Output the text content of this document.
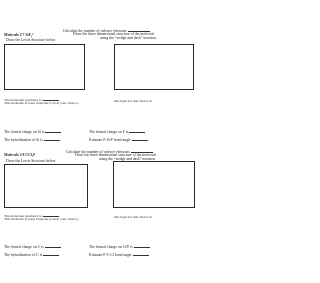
Molecule # 7 SiF₄²⁻
Draw the Lewis Structure below
Calculate the number of valence electrons
Draw the three-dimensional structure of the molecule
using the “wedge and dash” notation.
The molecular geometry is:
This molecule is polar nonpolar (Circle your choice.)	Our logic for this choice is:
The formal charge on Si is	The formal charge on F is
The hybridization of Si is	Estimate F-Si-F bond angle
Molecule # 8 CCl₃F
Draw the Lewis Structure below
Calculate the number of valence electrons
Draw the three-dimensional structure of the molecule
using the “wedge and dash” notation.
The molecular geometry is:
This molecule is polar nonpolar (Circle your choice.)	Our logic for this choice is:
The formal charge on C is	The formal charge on Cl/F is
The hybridization of C is	Estimate F-C-Cl bond angle
